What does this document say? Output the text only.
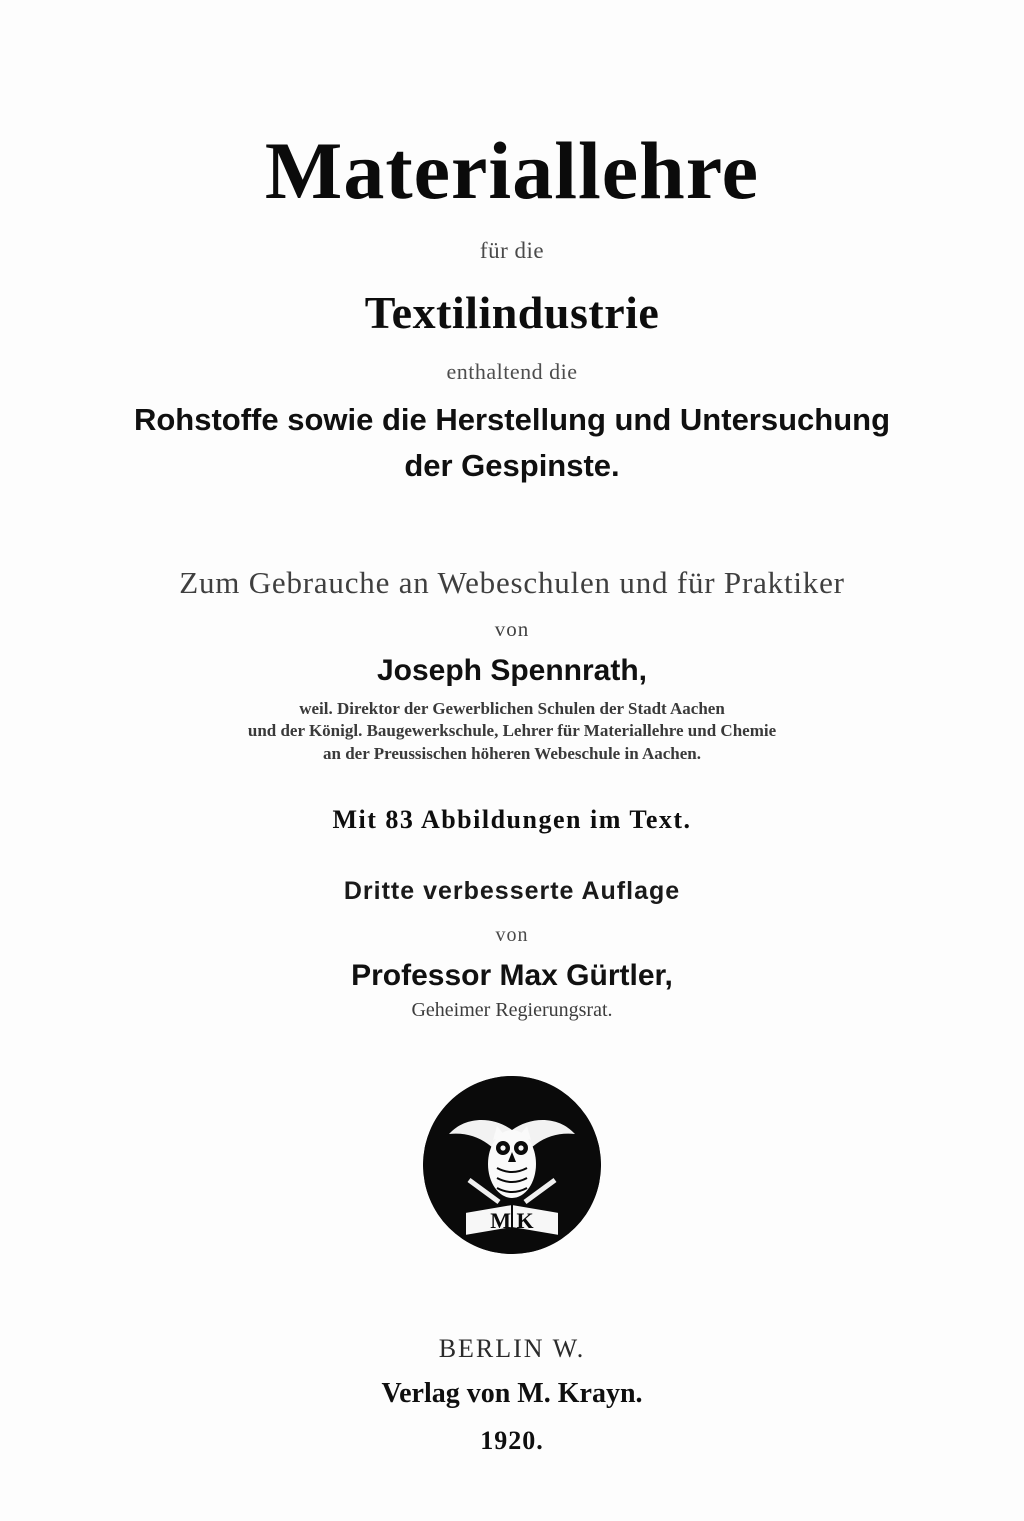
Materiallehre
für die
Textilindustrie
enthaltend die
Rohstoffe sowie die Herstellung und Untersuchung
der Gespinste.
Zum Gebrauche an Webeschulen und für Praktiker
von
Joseph Spennrath,
weil. Direktor der Gewerblichen Schulen der Stadt Aachen
und der Königl. Baugewerkschule, Lehrer für Materiallehre und Chemie
an der Preussischen höheren Webeschule in Aachen.
Mit 83 Abbildungen im Text.
Dritte verbesserte Auflage
von
Professor Max Gürtler,
Geheimer Regierungsrat.
M K
BERLIN W.
Verlag von M. Krayn.
1920.
